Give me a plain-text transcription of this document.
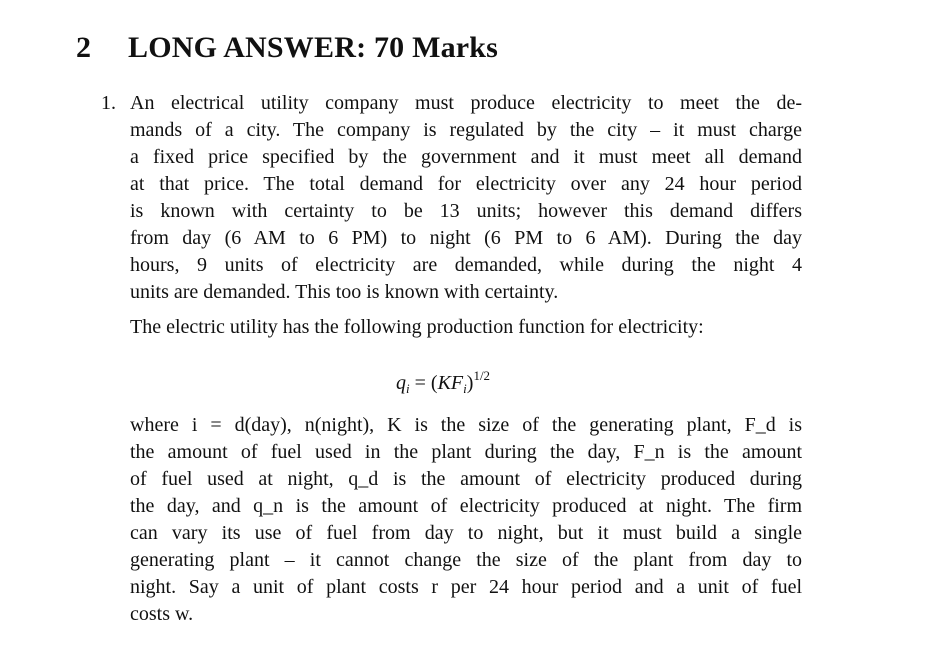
2 LONG ANSWER: 70 Marks
1. An electrical utility company must produce electricity to meet the de-
mands of a city. The company is regulated by the city – it must charge
a fixed price specified by the government and it must meet all demand
at that price. The total demand for electricity over any 24 hour period
is known with certainty to be 13 units; however this demand differs
from day (6 AM to 6 PM) to night (6 PM to 6 AM). During the day
hours, 9 units of electricity are demanded, while during the night 4
units are demanded. This too is known with certainty.
The electric utility has the following production function for electricity:
$q_i = (KF_i)^{1/2}$
where i = d(day), n(night), K is the size of the generating plant, F_d is
the amount of fuel used in the plant during the day, F_n is the amount
of fuel used at night, q_d is the amount of electricity produced during
the day, and q_n is the amount of electricity produced at night. The firm
can vary its use of fuel from day to night, but it must build a single
generating plant – it cannot change the size of the plant from day to
night. Say a unit of plant costs r per 24 hour period and a unit of fuel
costs w.
